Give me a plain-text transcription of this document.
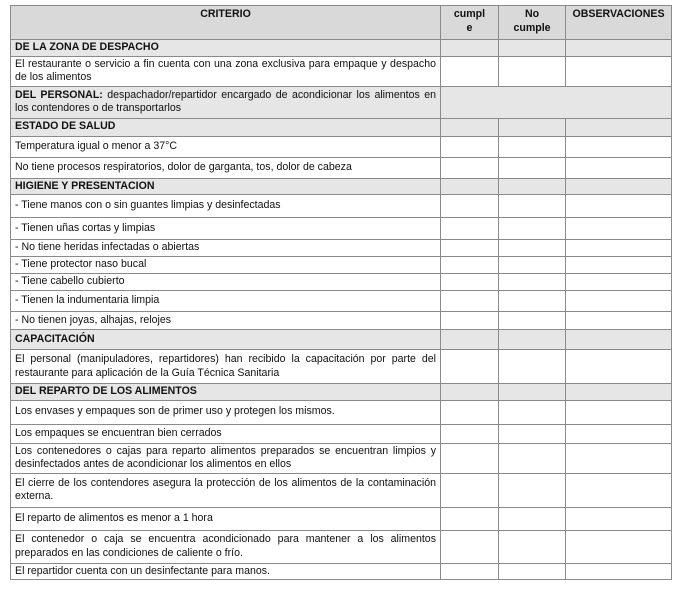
CRITERIO	cumpl e	No cumple	OBSERVACIONES
DE LA ZONA DE DESPACHO			
El restaurante o servicio a fin cuenta con una zona exclusiva para empaque y despacho de los alimentos			
DEL PERSONAL: despachador/repartidor encargado de acondicionar los alimentos en los contendores o de transportarlos			
ESTADO DE SALUD			
Temperatura igual o menor a 37°C			
No tiene procesos respiratorios, dolor de garganta, tos, dolor de cabeza			
HIGIENE Y PRESENTACION			
- Tiene manos con o sin guantes limpias y desinfectadas			
- Tienen uñas cortas y limpias			
- No tiene heridas infectadas o abiertas			
- Tiene protector naso bucal			
- Tiene cabello cubierto			
- Tienen la indumentaria limpia			
- No tienen joyas, alhajas, relojes			
CAPACITACIÓN			
El personal (manipuladores, repartidores) han recibido la capacitación por parte del restaurante para aplicación de la Guía Técnica Sanitaria			
DEL REPARTO DE LOS ALIMENTOS			
Los envases y empaques son de primer uso y protegen los mismos.			
Los empaques se encuentran bien cerrados			
Los contenedores o cajas para reparto alimentos preparados se encuentran limpios y desinfectados antes de acondicionar los alimentos en ellos			
El cierre de los contendores asegura la protección de los alimentos de la contaminación externa.			
El reparto de alimentos es menor a 1 hora			
El contenedor o caja se encuentra acondicionado para mantener a los alimentos preparados en las condiciones de caliente o frío.			
El repartidor cuenta con un desinfectante para manos.			
